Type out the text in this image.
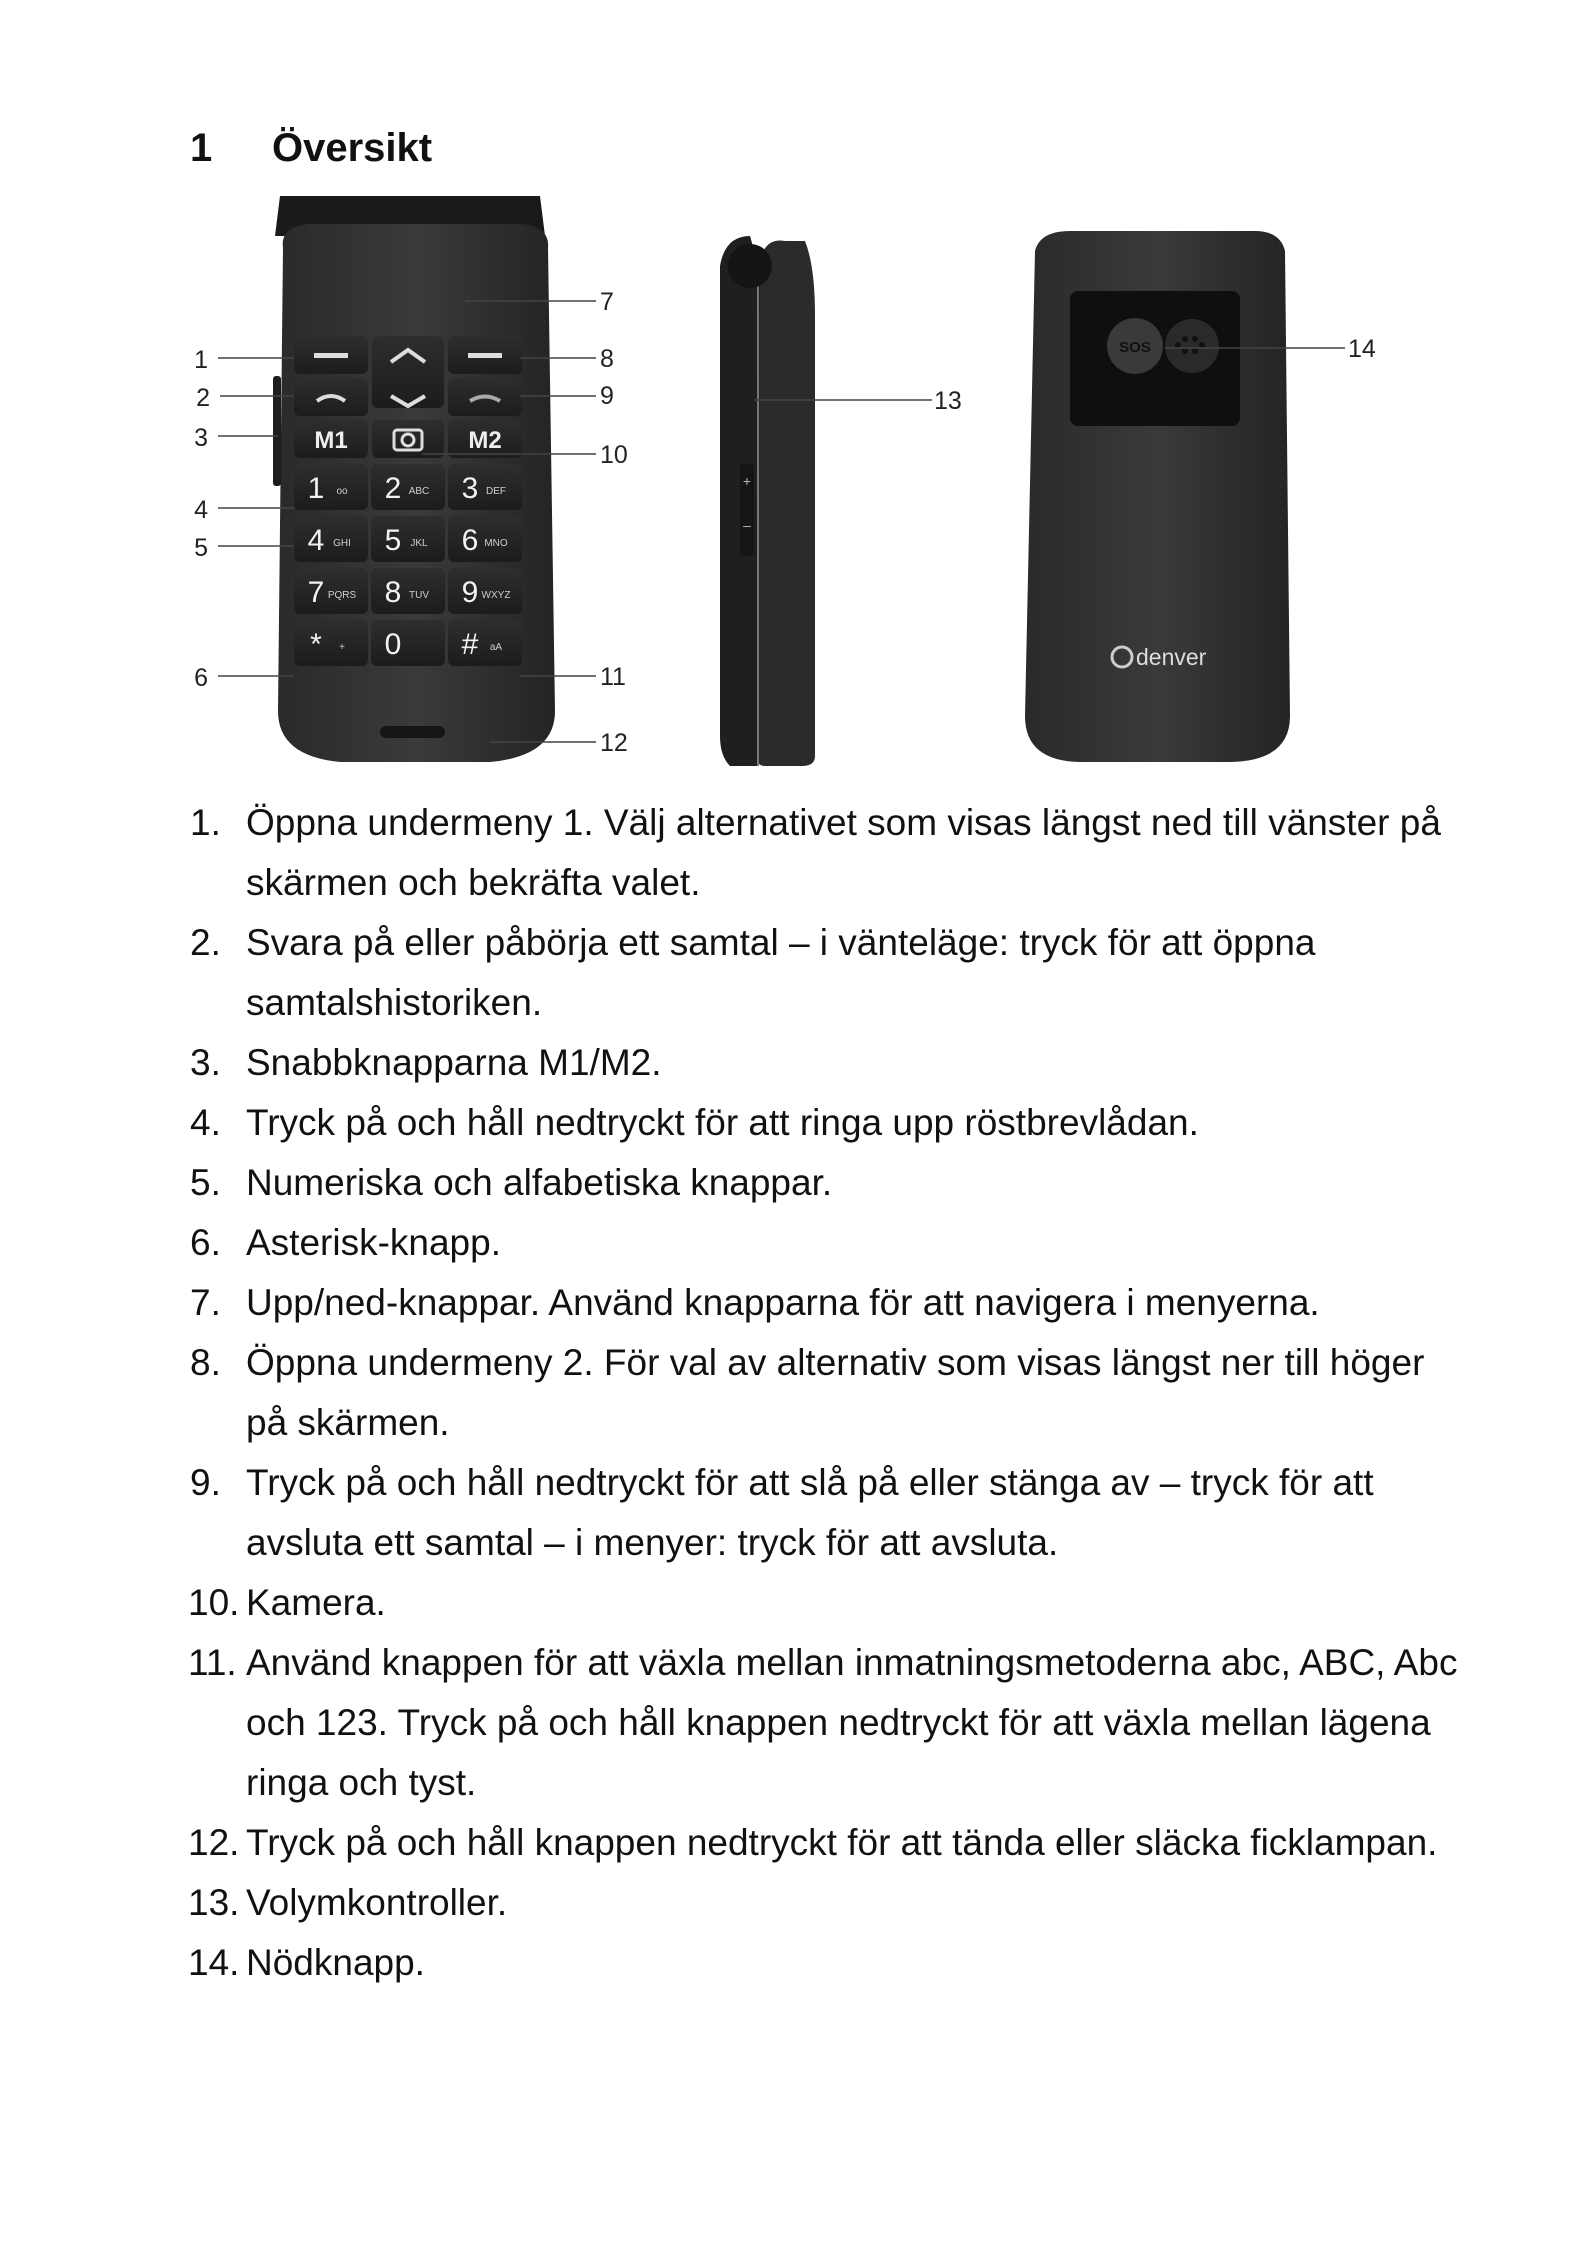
1 Översikt
M1	M2
1 ᴏᴏ 2 ABC 3 DEF
4 GHI 5 JKL 6 MNO
7 PQRS 8 TUV 9 WXYZ
* + 0 # aA
+
–
SOS
denver
1
2
3
4
5
6
7
8
9
10
11
12
13
14
1. Öppna undermeny 1. Välj alternativet som visas längst ned till vänster på skärmen och bekräfta valet.
2. Svara på eller påbörja ett samtal – i vänteläge: tryck för att öppna samtalshistoriken.
3. Snabbknapparna M1/M2.
4. Tryck på och håll nedtryckt för att ringa upp röstbrevlådan.
5. Numeriska och alfabetiska knappar.
6. Asterisk-knapp.
7. Upp/ned-knappar. Använd knapparna för att navigera i menyerna.
8. Öppna undermeny 2. För val av alternativ som visas längst ner till höger på skärmen.
9. Tryck på och håll nedtryckt för att slå på eller stänga av – tryck för att avsluta ett samtal – i menyer: tryck för att avsluta.
10. Kamera.
11. Använd knappen för att växla mellan inmatningsmetoderna abc, ABC, Abc och 123. Tryck på och håll knappen nedtryckt för att växla mellan lägena ringa och tyst.
12. Tryck på och håll knappen nedtryckt för att tända eller släcka ficklampan.
13. Volymkontroller.
14. Nödknapp.
